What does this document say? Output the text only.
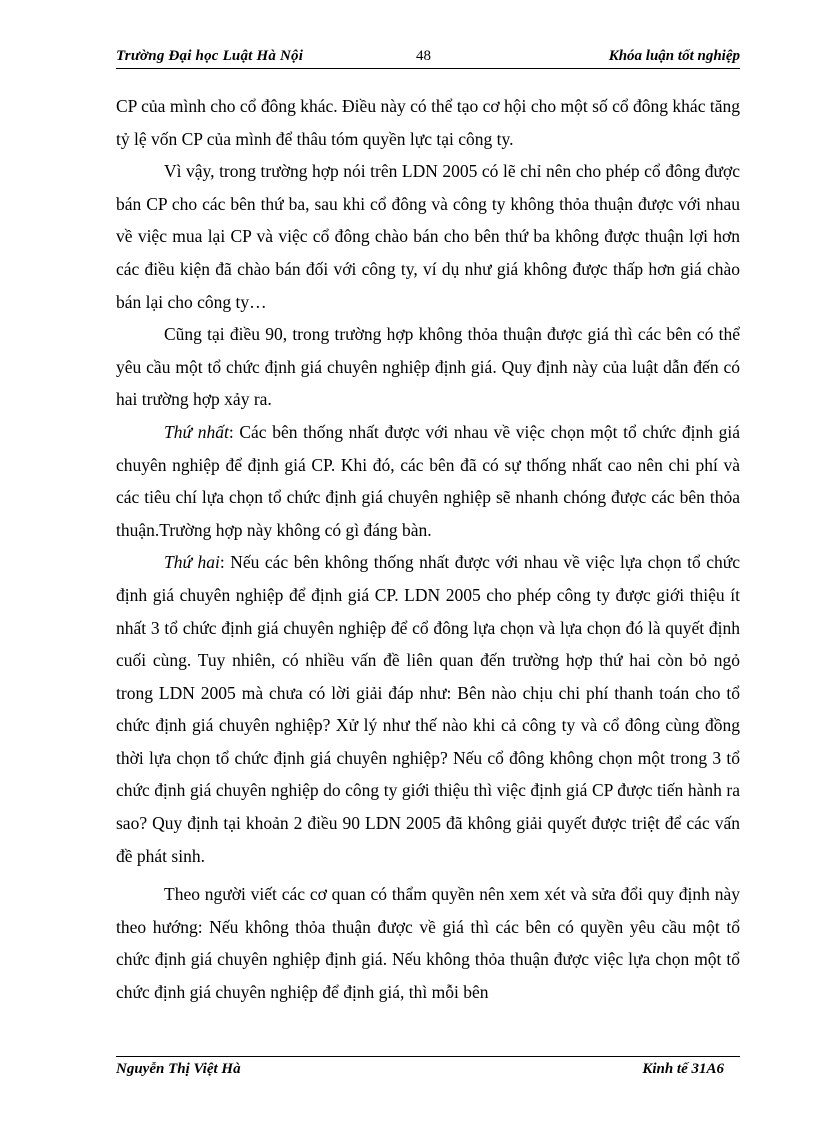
Trường Đại học Luật Hà Nội	48	Khóa luận tốt nghiệp

CP của mình cho cổ đông khác. Điều này có thể tạo cơ hội cho một số cổ đông khác tăng tỷ lệ vốn CP của mình để thâu tóm quyền lực tại công ty.

Vì vậy, trong trường hợp nói trên LDN 2005 có lẽ chỉ nên cho phép cổ đông được bán CP cho các bên thứ ba, sau khi cổ đông và công ty không thỏa thuận được với nhau về việc mua lại CP và việc cổ đông chào bán cho bên thứ ba không được thuận lợi hơn các điều kiện đã chào bán đối với công ty, ví dụ như giá không được thấp hơn giá chào bán lại cho công ty…

Cũng tại điều 90, trong trường hợp không thỏa thuận được giá thì các bên có thể yêu cầu một tổ chức định giá chuyên nghiệp định giá. Quy định này của luật dẫn đến có hai trường hợp xảy ra.

Thứ nhất: Các bên thống nhất được với nhau về việc chọn một tổ chức định giá chuyên nghiệp để định giá CP. Khi đó, các bên đã có sự thống nhất cao nên chi phí và các tiêu chí lựa chọn tổ chức định giá chuyên nghiệp sẽ nhanh chóng được các bên thỏa thuận.Trường hợp này không có gì đáng bàn.

Thứ hai: Nếu các bên không thống nhất được với nhau về việc lựa chọn tổ chức định giá chuyên nghiệp để định giá CP. LDN 2005 cho phép công ty được giới thiệu ít nhất 3 tổ chức định giá chuyên nghiệp để cổ đông lựa chọn và lựa chọn đó là quyết định cuối cùng. Tuy nhiên, có nhiều vấn đề liên quan đến trường hợp thứ hai còn bỏ ngỏ trong LDN 2005 mà chưa có lời giải đáp như: Bên nào chịu chi phí thanh toán cho tổ chức định giá chuyên nghiệp? Xử lý như thế nào khi cả công ty và cổ đông cùng đồng thời lựa chọn tổ chức định giá chuyên nghiệp? Nếu cổ đông không chọn một trong 3 tổ chức định giá chuyên nghiệp do công ty giới thiệu thì việc định giá CP được tiến hành ra sao? Quy định tại khoản 2 điều 90 LDN 2005 đã không giải quyết được triệt để các vấn đề phát sinh.

Theo người viết các cơ quan có thẩm quyền nên xem xét và sửa đổi quy định này theo hướng: Nếu không thỏa thuận được về giá thì các bên có quyền yêu cầu một tổ chức định giá chuyên nghiệp định giá. Nếu không thỏa thuận được việc lựa chọn một tổ chức định giá chuyên nghiệp để định giá, thì mỗi bên

Nguyễn Thị Việt Hà	Kinh tế 31A6
